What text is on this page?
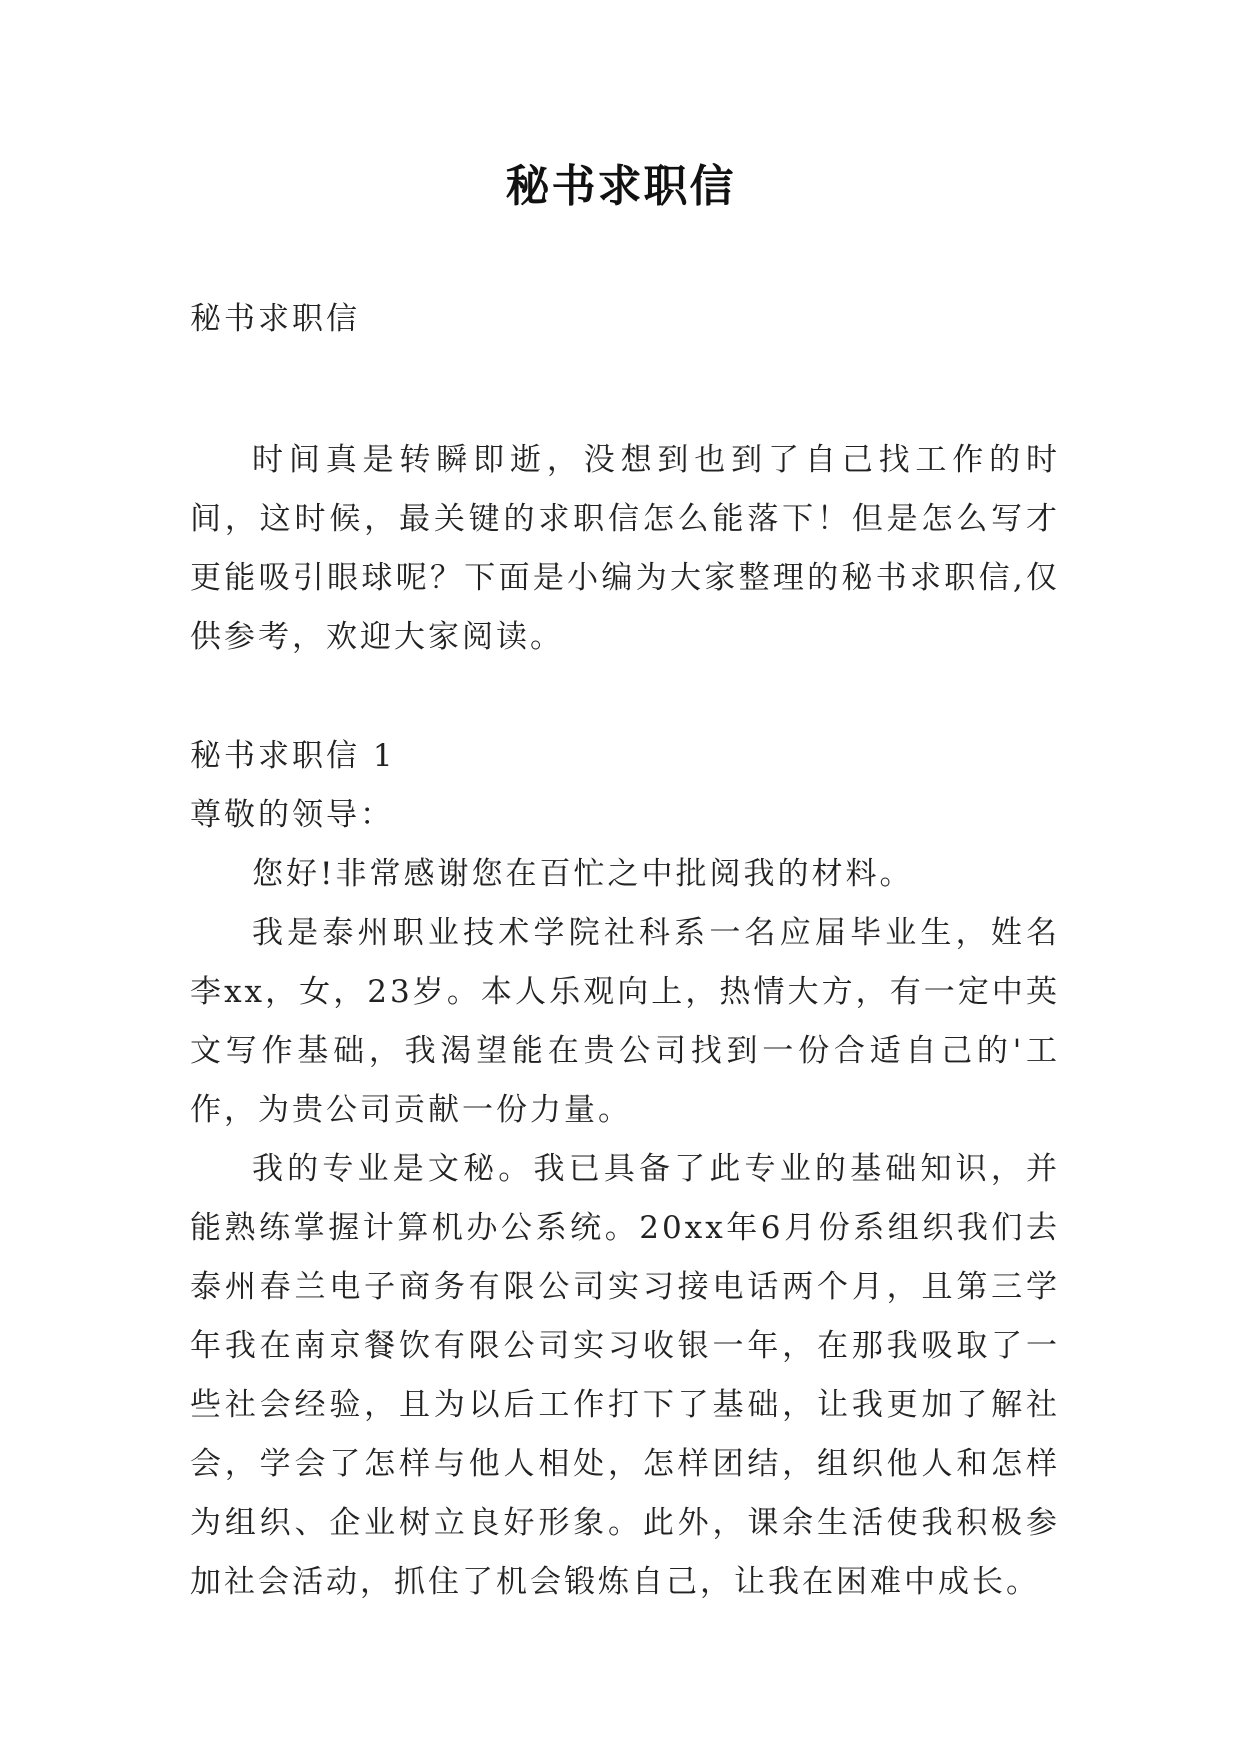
秘书求职信

秘书求职信

时间真是转瞬即逝，没想到也到了自己找工作的时间，这时候，最关键的求职信怎么能落下！但是怎么写才更能吸引眼球呢？下面是小编为大家整理的秘书求职信,仅供参考，欢迎大家阅读。

秘书求职信 1

尊敬的领导：

您好!非常感谢您在百忙之中批阅我的材料。

我是泰州职业技术学院社科系一名应届毕业生，姓名李xx，女，23岁。本人乐观向上，热情大方，有一定中英文写作基础，我渴望能在贵公司找到一份合适自己的'工作，为贵公司贡献一份力量。

我的专业是文秘。我已具备了此专业的基础知识，并能熟练掌握计算机办公系统。20xx年6月份系组织我们去泰州春兰电子商务有限公司实习接电话两个月，且第三学年我在南京餐饮有限公司实习收银一年，在那我吸取了一些社会经验，且为以后工作打下了基础，让我更加了解社会，学会了怎样与他人相处，怎样团结，组织他人和怎样为组织、企业树立良好形象。此外，课余生活使我积极参加社会活动，抓住了机会锻炼自己，让我在困难中成长。
